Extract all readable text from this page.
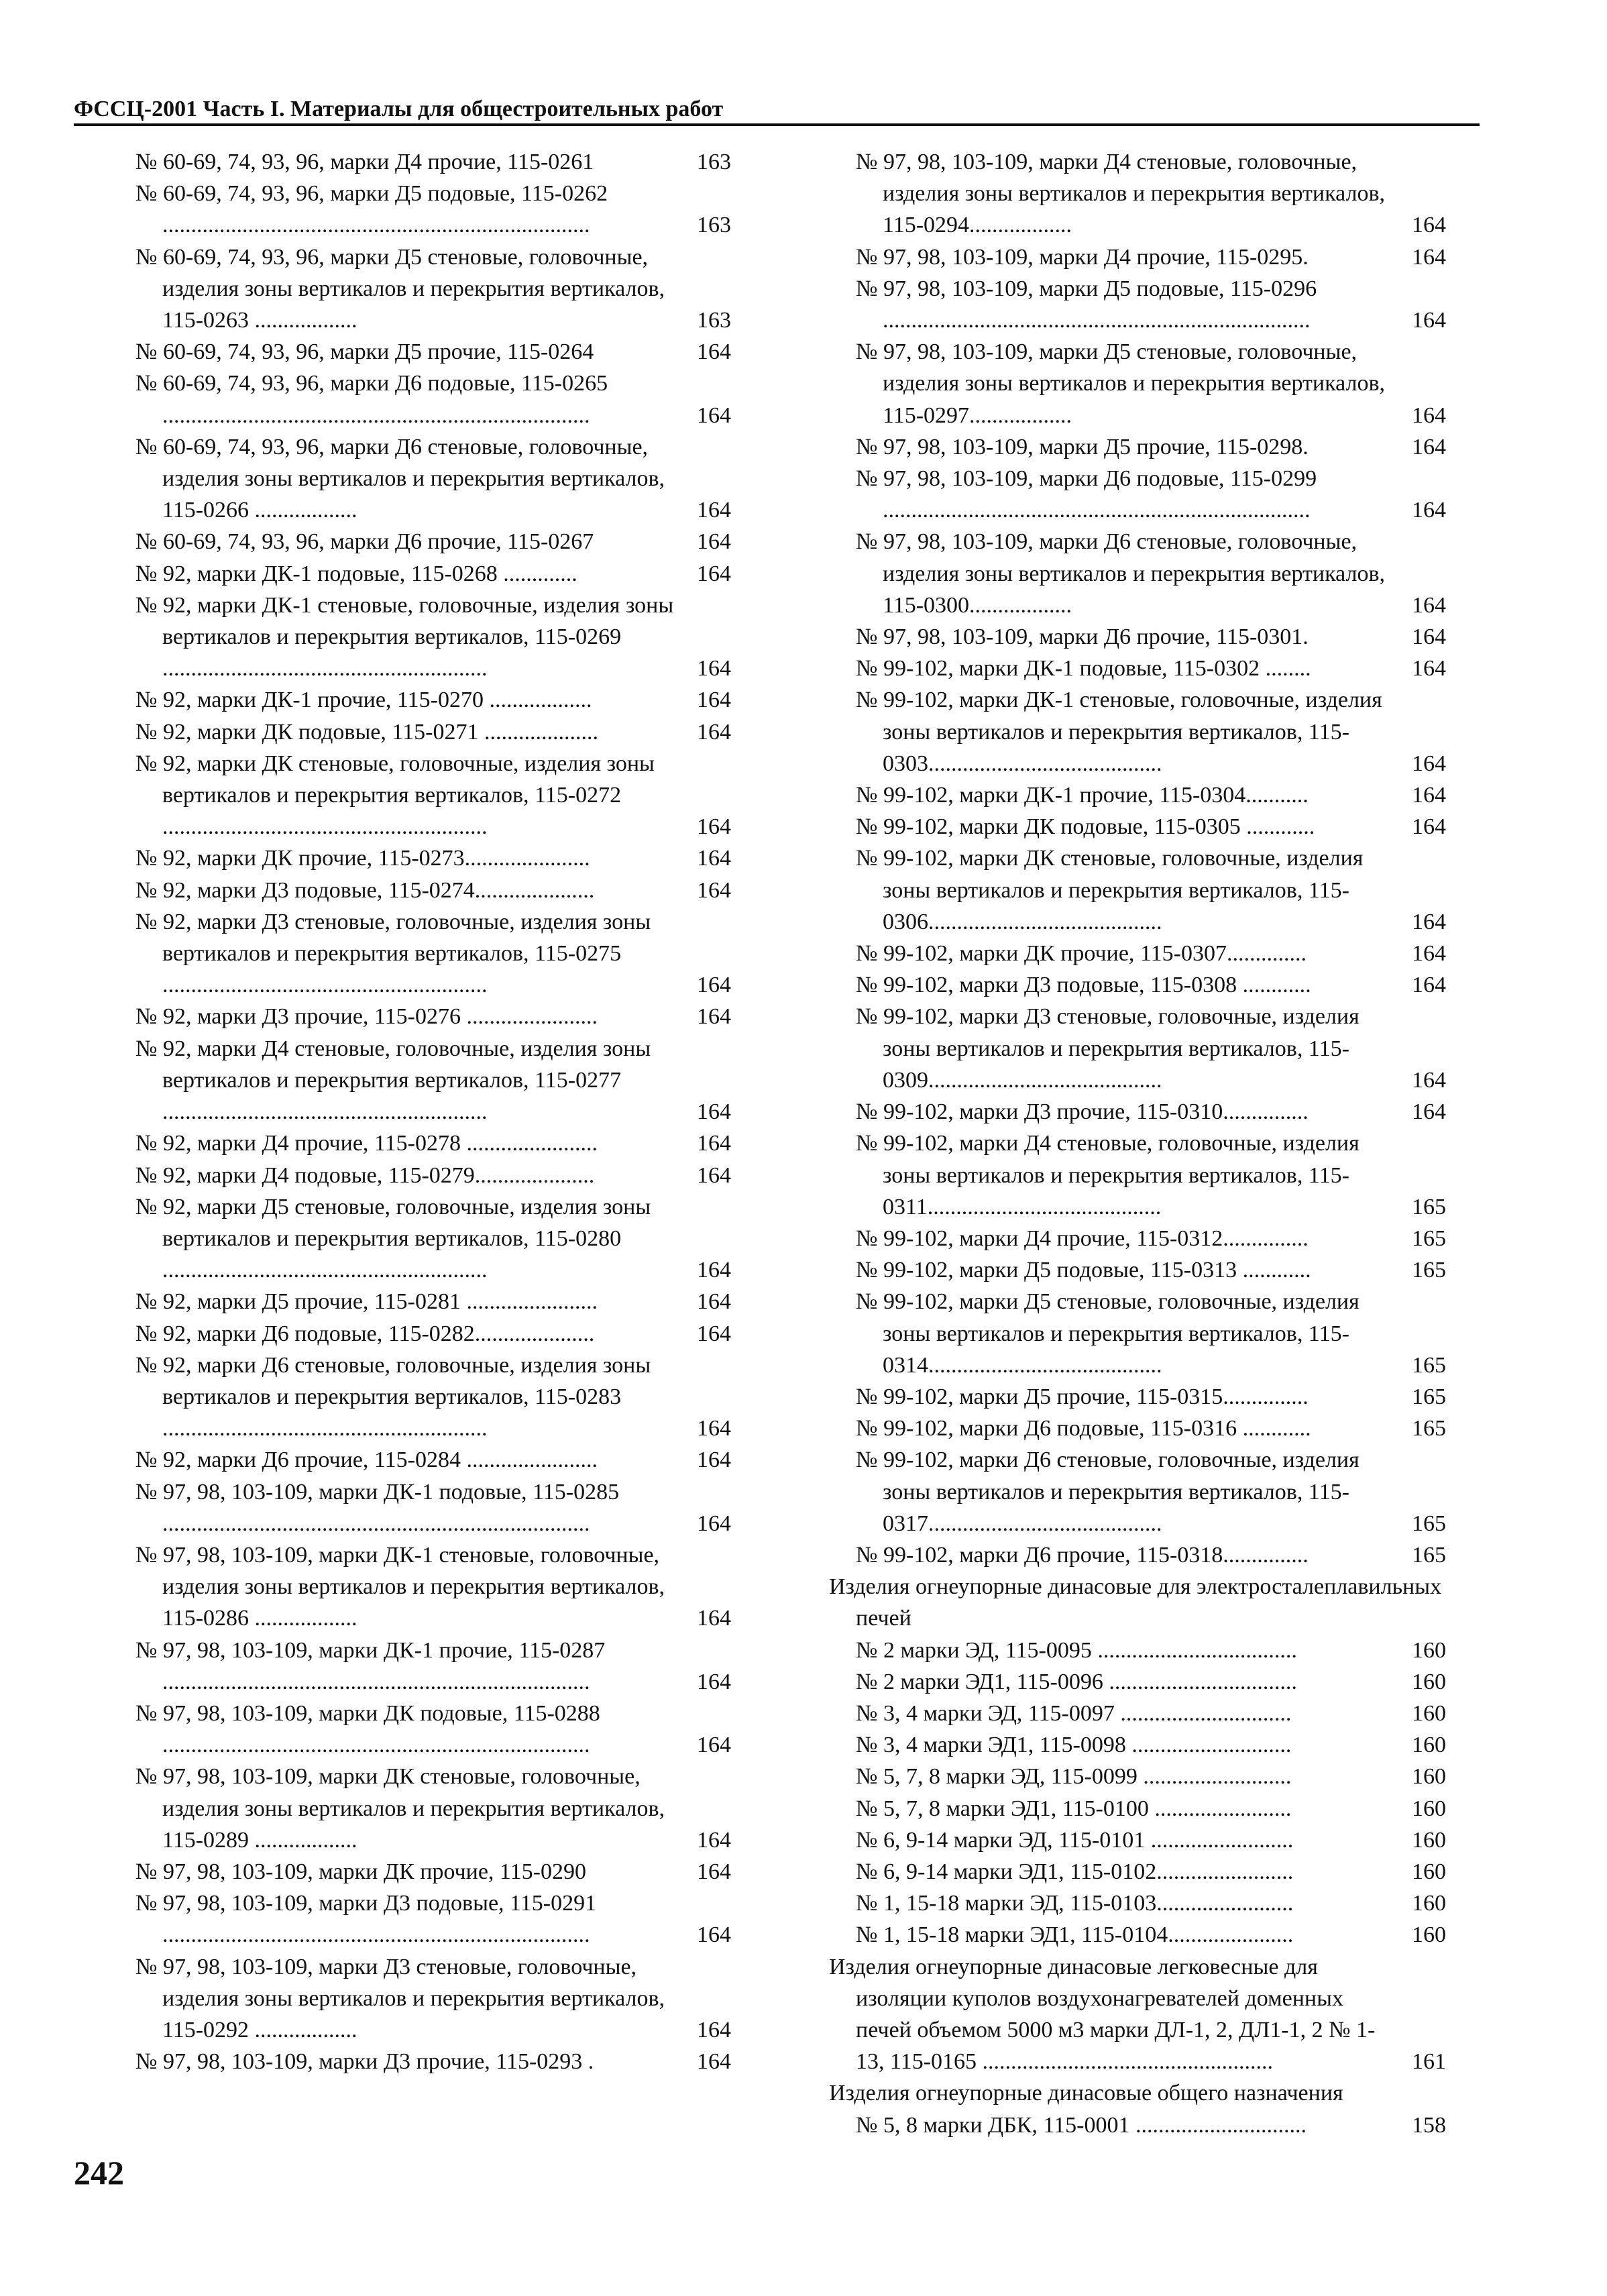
ФССЦ-2001 Часть I. Материалы для общестроительных работ
№ 60-69, 74, 93, 96, марки Д4 прочие, 115-0261	163
№ 60-69, 74, 93, 96, марки Д5 подовые, 115-0262 ...........................................................................	163
№ 60-69, 74, 93, 96, марки Д5 стеновые, головочные, изделия зоны вертикалов и перекрытия вертикалов, 115-0263 ..................	163
№ 60-69, 74, 93, 96, марки Д5 прочие, 115-0264	164
№ 60-69, 74, 93, 96, марки Д6 подовые, 115-0265 ...........................................................................	164
№ 60-69, 74, 93, 96, марки Д6 стеновые, головочные, изделия зоны вертикалов и перекрытия вертикалов, 115-0266 ..................	164
№ 60-69, 74, 93, 96, марки Д6 прочие, 115-0267	164
№ 92, марки ДК-1 подовые, 115-0268 .............	164
№ 92, марки ДК-1 стеновые, головочные, изделия зоны вертикалов и перекрытия вертикалов, 115-0269 .........................................................	164
№ 92, марки ДК-1 прочие, 115-0270 ..................	164
№ 92, марки ДК подовые, 115-0271 ....................	164
№ 92, марки ДК стеновые, головочные, изделия зоны вертикалов и перекрытия вертикалов, 115-0272 .........................................................	164
№ 92, марки ДК прочие, 115-0273......................	164
№ 92, марки Д3 подовые, 115-0274.....................	164
№ 92, марки Д3 стеновые, головочные, изделия зоны вертикалов и перекрытия вертикалов, 115-0275 .........................................................	164
№ 92, марки Д3 прочие, 115-0276 .......................	164
№ 92, марки Д4 стеновые, головочные, изделия зоны вертикалов и перекрытия вертикалов, 115-0277 .........................................................	164
№ 92, марки Д4 прочие, 115-0278 .......................	164
№ 92, марки Д4 подовые, 115-0279.....................	164
№ 92, марки Д5 стеновые, головочные, изделия зоны вертикалов и перекрытия вертикалов, 115-0280 .........................................................	164
№ 92, марки Д5 прочие, 115-0281 .......................	164
№ 92, марки Д6 подовые, 115-0282.....................	164
№ 92, марки Д6 стеновые, головочные, изделия зоны вертикалов и перекрытия вертикалов, 115-0283 .........................................................	164
№ 92, марки Д6 прочие, 115-0284 .......................	164
№ 97, 98, 103-109, марки ДК-1 подовые, 115-0285 ...........................................................................	164
№ 97, 98, 103-109, марки ДК-1 стеновые, головочные, изделия зоны вертикалов и перекрытия вертикалов, 115-0286 ..................	164
№ 97, 98, 103-109, марки ДК-1 прочие, 115-0287 ...........................................................................	164
№ 97, 98, 103-109, марки ДК подовые, 115-0288 ...........................................................................	164
№ 97, 98, 103-109, марки ДК стеновые, головочные, изделия зоны вертикалов и перекрытия вертикалов, 115-0289 ..................	164
№ 97, 98, 103-109, марки ДК прочие, 115-0290	164
№ 97, 98, 103-109, марки Д3 подовые, 115-0291 ...........................................................................	164
№ 97, 98, 103-109, марки Д3 стеновые, головочные, изделия зоны вертикалов и перекрытия вертикалов, 115-0292 ..................	164
№ 97, 98, 103-109, марки Д3 прочие, 115-0293 .	164
№ 97, 98, 103-109, марки Д4 стеновые, головочные, изделия зоны вертикалов и перекрытия вертикалов, 115-0294..................	164
№ 97, 98, 103-109, марки Д4 прочие, 115-0295.	164
№ 97, 98, 103-109, марки Д5 подовые, 115-0296 ...........................................................................	164
№ 97, 98, 103-109, марки Д5 стеновые, головочные, изделия зоны вертикалов и перекрытия вертикалов, 115-0297..................	164
№ 97, 98, 103-109, марки Д5 прочие, 115-0298.	164
№ 97, 98, 103-109, марки Д6 подовые, 115-0299 ...........................................................................	164
№ 97, 98, 103-109, марки Д6 стеновые, головочные, изделия зоны вертикалов и перекрытия вертикалов, 115-0300..................	164
№ 97, 98, 103-109, марки Д6 прочие, 115-0301.	164
№ 99-102, марки ДК-1 подовые, 115-0302 ........	164
№ 99-102, марки ДК-1 стеновые, головочные, изделия зоны вертикалов и перекрытия вертикалов, 115-0303.........................................	164
№ 99-102, марки ДК-1 прочие, 115-0304...........	164
№ 99-102, марки ДК подовые, 115-0305 ............	164
№ 99-102, марки ДК стеновые, головочные, изделия зоны вертикалов и перекрытия вертикалов, 115-0306.........................................	164
№ 99-102, марки ДК прочие, 115-0307..............	164
№ 99-102, марки Д3 подовые, 115-0308 ............	164
№ 99-102, марки Д3 стеновые, головочные, изделия зоны вертикалов и перекрытия вертикалов, 115-0309.........................................	164
№ 99-102, марки Д3 прочие, 115-0310...............	164
№ 99-102, марки Д4 стеновые, головочные, изделия зоны вертикалов и перекрытия вертикалов, 115-0311.........................................	165
№ 99-102, марки Д4 прочие, 115-0312...............	165
№ 99-102, марки Д5 подовые, 115-0313 ............	165
№ 99-102, марки Д5 стеновые, головочные, изделия зоны вертикалов и перекрытия вертикалов, 115-0314.........................................	165
№ 99-102, марки Д5 прочие, 115-0315...............	165
№ 99-102, марки Д6 подовые, 115-0316 ............	165
№ 99-102, марки Д6 стеновые, головочные, изделия зоны вертикалов и перекрытия вертикалов, 115-0317.........................................	165
№ 99-102, марки Д6 прочие, 115-0318...............	165
Изделия огнеупорные динасовые для электросталеплавильных печей
№ 2 марки ЭД, 115-0095 ...................................	160
№ 2 марки ЭД1, 115-0096 .................................	160
№ 3, 4 марки ЭД, 115-0097 ..............................	160
№ 3, 4 марки ЭД1, 115-0098 ............................	160
№ 5, 7, 8 марки ЭД, 115-0099 ..........................	160
№ 5, 7, 8 марки ЭД1, 115-0100 ........................	160
№ 6, 9-14 марки ЭД, 115-0101 .........................	160
№ 6, 9-14 марки ЭД1, 115-0102........................	160
№ 1, 15-18 марки ЭД, 115-0103........................	160
№ 1, 15-18 марки ЭД1, 115-0104......................	160
Изделия огнеупорные динасовые легковесные для изоляции куполов воздухонагревателей доменных печей объемом 5000 м3 марки ДЛ-1, 2, ДЛ1-1, 2 № 1-13, 115-0165 ...................................................	161
Изделия огнеупорные динасовые общего назначения
№ 5, 8 марки ДБК, 115-0001 ..............................	158
242
